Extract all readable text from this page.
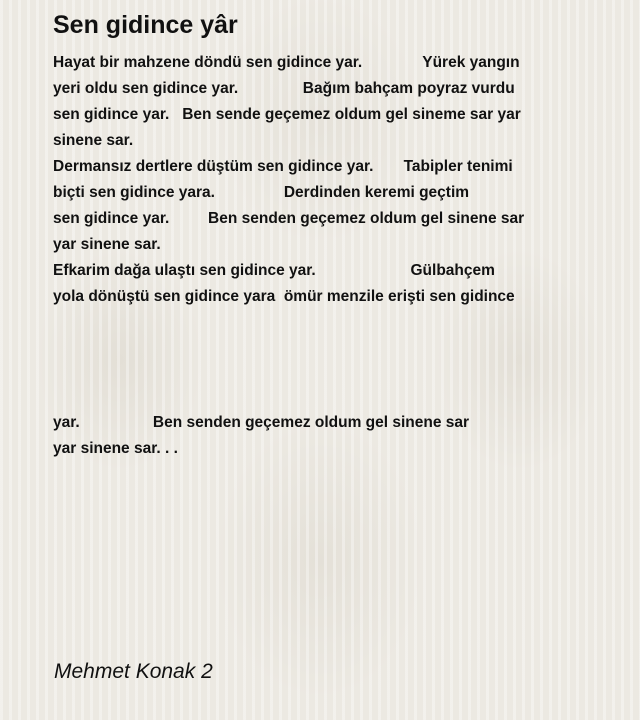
Sen gidince yâr
Hayat bir mahzene döndü sen gidince yar.              Yürek yangın
yeri oldu sen gidince yar.               Bağım bahçam poyraz vurdu
sen gidince yar.   Ben sende geçemez oldum gel sineme sar yar
sinene sar.
Dermansız dertlere düştüm sen gidince yar.       Tabipler tenimi
biçti sen gidince yara.                Derdinden keremi geçtim
sen gidince yar.         Ben senden geçemez oldum gel sinene sar
yar sinene sar.
Efkarim dağa ulaştı sen gidince yar.                      Gülbahçem
yola dönüştü sen gidince yara  ömür menzile erişti sen gidince
yar.                 Ben senden geçemez oldum gel sinene sar
yar sinene sar. . .
Mehmet Konak 2
